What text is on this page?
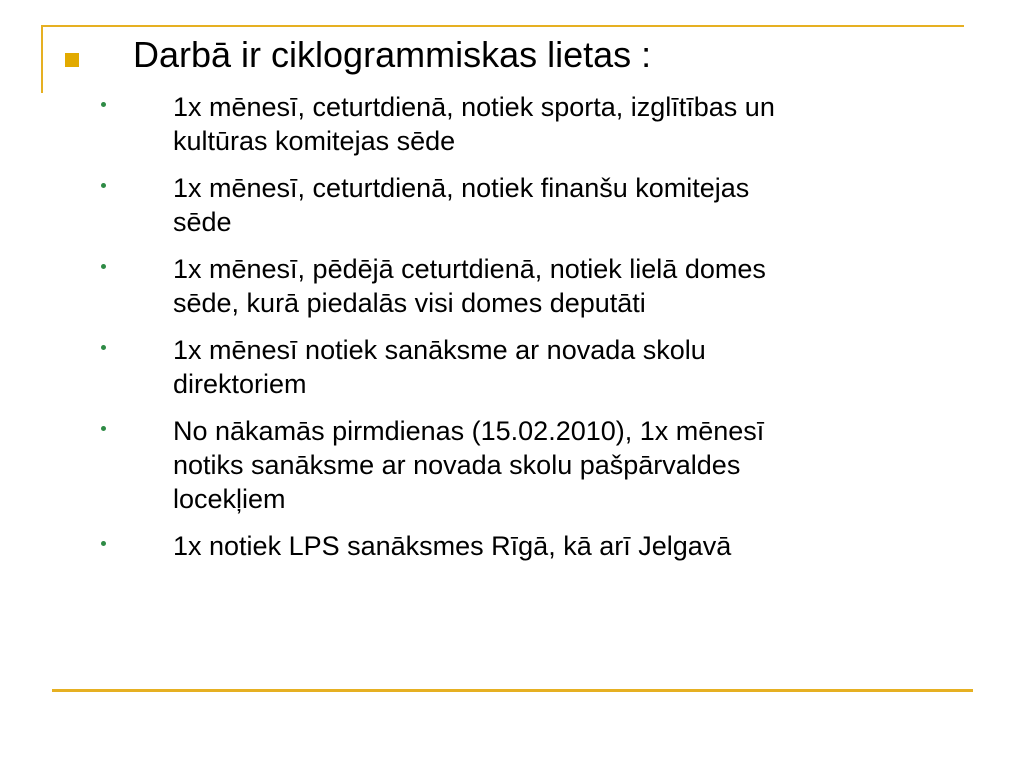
Darbā ir ciklogrammiskas lietas :
1x mēnesī, ceturtdienā, notiek sporta, izglītības un
kultūras komitejas sēde
1x mēnesī, ceturtdienā, notiek finanšu komitejas
sēde
1x mēnesī, pēdējā ceturtdienā, notiek lielā domes
sēde, kurā piedalās visi domes deputāti
1x mēnesī notiek sanāksme ar novada skolu
direktoriem
No nākamās pirmdienas (15.02.2010), 1x mēnesī
notiks sanāksme ar novada skolu pašpārvaldes
locekļiem
1x notiek LPS sanāksmes Rīgā, kā arī Jelgavā
